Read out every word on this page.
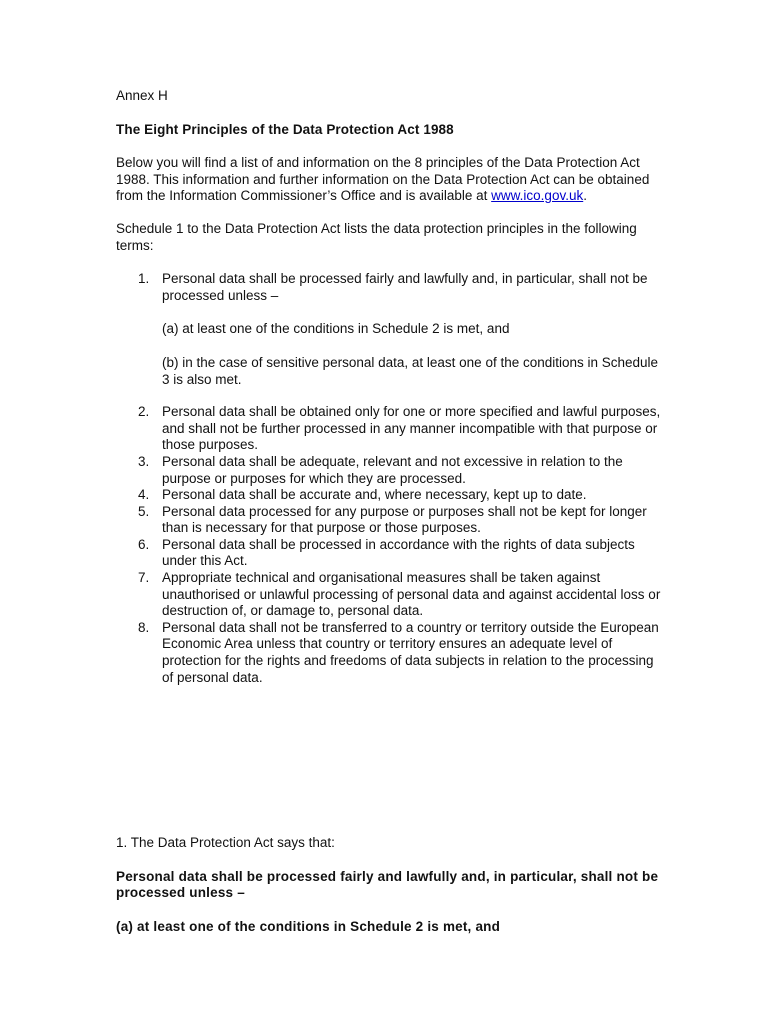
Annex H

The Eight Principles of the Data Protection Act 1988

Below you will find a list of and information on the 8 principles of the Data Protection Act 1988. This information and further information on the Data Protection Act can be obtained from the Information Commissioner’s Office and is available at www.ico.gov.uk.

Schedule 1 to the Data Protection Act lists the data protection principles in the following terms:

1. Personal data shall be processed fairly and lawfully and, in particular, shall not be processed unless –
(a) at least one of the conditions in Schedule 2 is met, and
(b) in the case of sensitive personal data, at least one of the conditions in Schedule 3 is also met.
2. Personal data shall be obtained only for one or more specified and lawful purposes, and shall not be further processed in any manner incompatible with that purpose or those purposes.
3. Personal data shall be adequate, relevant and not excessive in relation to the purpose or purposes for which they are processed.
4. Personal data shall be accurate and, where necessary, kept up to date.
5. Personal data processed for any purpose or purposes shall not be kept for longer than is necessary for that purpose or those purposes.
6. Personal data shall be processed in accordance with the rights of data subjects under this Act.
7. Appropriate technical and organisational measures shall be taken against unauthorised or unlawful processing of personal data and against accidental loss or destruction of, or damage to, personal data.
8. Personal data shall not be transferred to a country or territory outside the European Economic Area unless that country or territory ensures an adequate level of protection for the rights and freedoms of data subjects in relation to the processing of personal data.

1. The Data Protection Act says that:

Personal data shall be processed fairly and lawfully and, in particular, shall not be processed unless –

(a) at least one of the conditions in Schedule 2 is met, and
